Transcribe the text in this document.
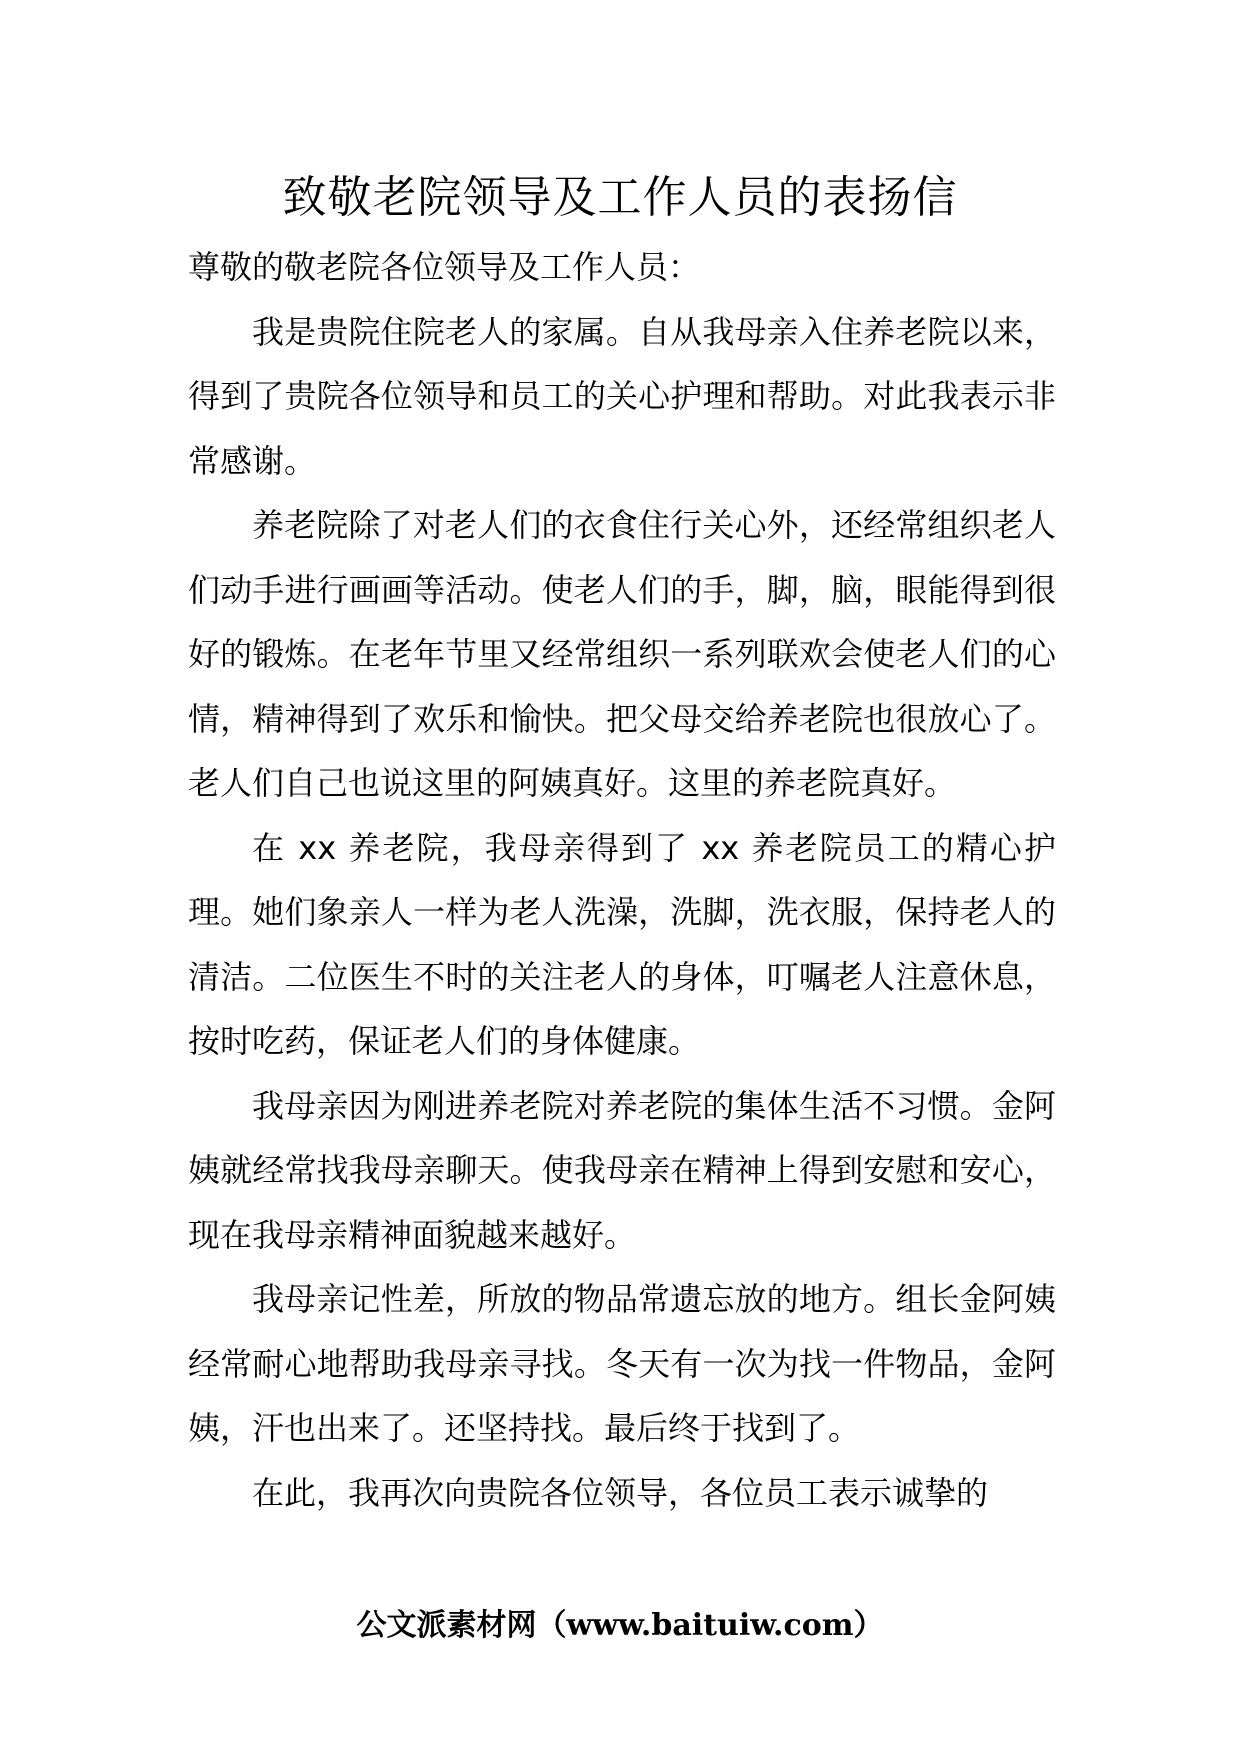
致敬老院领导及工作人员的表扬信

尊敬的敬老院各位领导及工作人员：

我是贵院住院老人的家属。自从我母亲入住养老院以来，得到了贵院各位领导和员工的关心护理和帮助。对此我表示非常感谢。

养老院除了对老人们的衣食住行关心外，还经常组织老人们动手进行画画等活动。使老人们的手，脚，脑，眼能得到很好的锻炼。在老年节里又经常组织一系列联欢会使老人们的心情，精神得到了欢乐和愉快。把父母交给养老院也很放心了。老人们自己也说这里的阿姨真好。这里的养老院真好。

在 xx 养老院，我母亲得到了 xx 养老院员工的精心护理。她们象亲人一样为老人洗澡，洗脚，洗衣服，保持老人的清洁。二位医生不时的关注老人的身体，叮嘱老人注意休息，按时吃药，保证老人们的身体健康。

我母亲因为刚进养老院对养老院的集体生活不习惯。金阿姨就经常找我母亲聊天。使我母亲在精神上得到安慰和安心，现在我母亲精神面貌越来越好。

我母亲记性差，所放的物品常遗忘放的地方。组长金阿姨经常耐心地帮助我母亲寻找。冬天有一次为找一件物品，金阿姨，汗也出来了。还坚持找。最后终于找到了。

在此，我再次向贵院各位领导，各位员工表示诚挚的

公文派素材网（www.baituiw.com）
